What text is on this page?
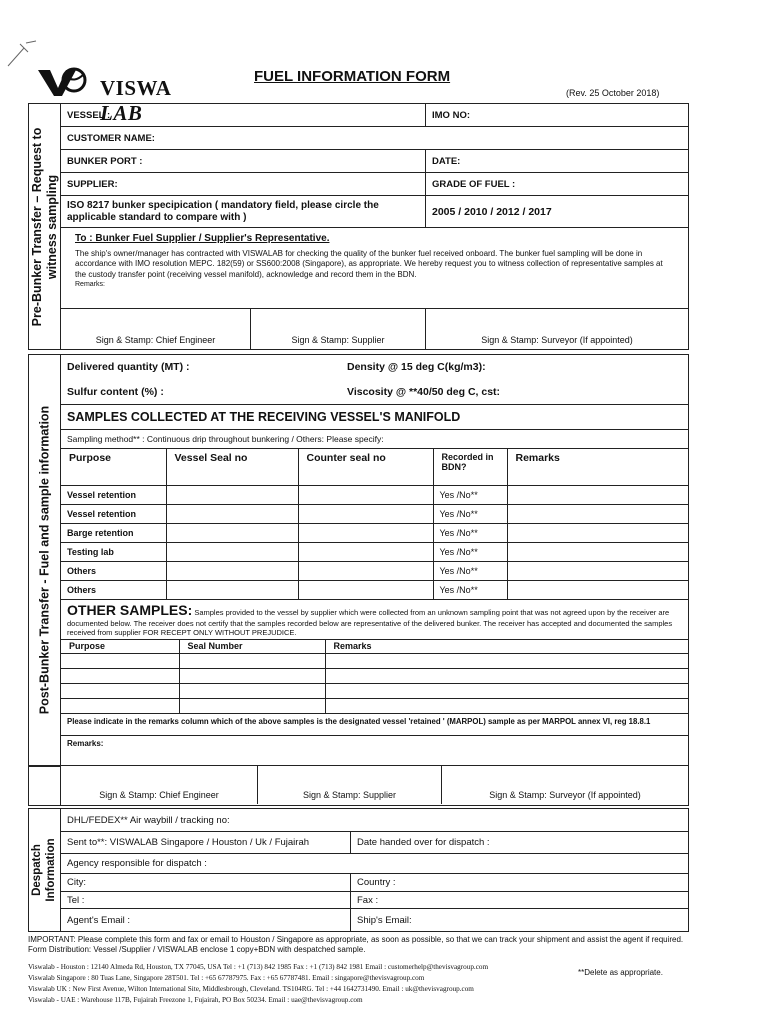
VISWA LAB
FUEL INFORMATION FORM
(Rev. 25 October 2018)
Pre-Bunker Transfer – Request to witness sampling
VESSEL :	IMO NO:
CUSTOMER NAME:
BUNKER PORT :	DATE:
SUPPLIER:	GRADE OF FUEL :
ISO 8217 bunker specipication ( mandatory field, please circle the applicable standard to compare with )	2005 / 2010 / 2012 / 2017
To : Bunker Fuel Supplier / Supplier's Representative.
The ship's owner/manager has contracted with VISWALAB for checking the quality of the bunker fuel received onboard. The bunker fuel sampling will be done in accordance with IMO resolution MEPC. 182(59) or SS600:2008 (Singapore), as appropriate. We hereby request you to witness collection of representative samples at the custody transfer point (receiving vessel manifold), acknowledge and record them in the BDN.
Remarks:
Sign & Stamp: Chief Engineer	Sign & Stamp: Supplier	Sign & Stamp: Surveyor (If appointed)
Post-Bunker Transfer - Fuel and sample information
Delivered quantity (MT) :	Density @ 15 deg C(kg/m3):
Sulfur content (%) :	Viscosity @ **40/50 deg C, cst:
SAMPLES COLLECTED AT THE RECEIVING VESSEL'S MANIFOLD
Sampling method** : Continuous drip throughout bunkering / Others: Please specify:
Purpose	Vessel Seal no	Counter seal no	Recorded in BDN?	Remarks
Vessel retention			Yes /No**	
Vessel retention			Yes /No**	
Barge retention			Yes /No**	
Testing lab			Yes /No**	
Others			Yes /No**	
Others			Yes /No**	
OTHER SAMPLES: Samples provided to the vessel by supplier which were collected from an unknown sampling point that was not agreed upon by the receiver are documented below. The receiver does not certify that the samples recorded below are representative of the delivered bunker. The receiver has accepted and documented the samples received from supplier FOR RECEPT ONLY WITHOUT PREJUDICE.
Purpose	Seal Number	Remarks

Please indicate in the remarks column which of the above samples is the designated vessel 'retained ' (MARPOL) sample as per MARPOL annex VI, reg 18.8.1
Remarks:
Sign & Stamp: Chief Engineer	Sign & Stamp: Supplier	Sign & Stamp: Surveyor (If appointed)
Despatch Information
DHL/FEDEX** Air waybill / tracking no:
Sent to**: VISWALAB Singapore / Houston / Uk / Fujairah	Date handed over for dispatch :
Agency responsible for dispatch :
City:	Country :
Tel :	Fax :
Agent's Email :	Ship's Email:
IMPORTANT: Please complete this form and fax or email to Houston / Singapore as appropriate, as soon as possible, so that we can track your shipment and assist the agent if required. Form Distribution: Vessel /Supplier / VISWALAB enclose 1 copy+BDN with despatched sample.
Viswalab - Houston : 12140 Almeda Rd, Houston, TX 77045, USA Tel : +1 (713) 842 1985 Fax : +1 (713) 842 1981 Email : customerhelp@thevisvagroup.com
Viswalab Singapore : 80 Tuas Lane, Singapore 28T501. Tel : +65 67787975. Fax : +65 67787481. Email : singapore@thevisvagroup.com
Viswalab UK : New First Avenue, Wilton International Site, Middlesbrough, Cleveland. TS104RG. Tel : +44 1642731490. Email : uk@thevisvagroup.com
Viswalab - UAE : Warehouse 117B, Fujairah Freezone 1, Fujairah, PO Box 50234. Email : uae@thevisvagroup.com
**Delete as appropriate.
